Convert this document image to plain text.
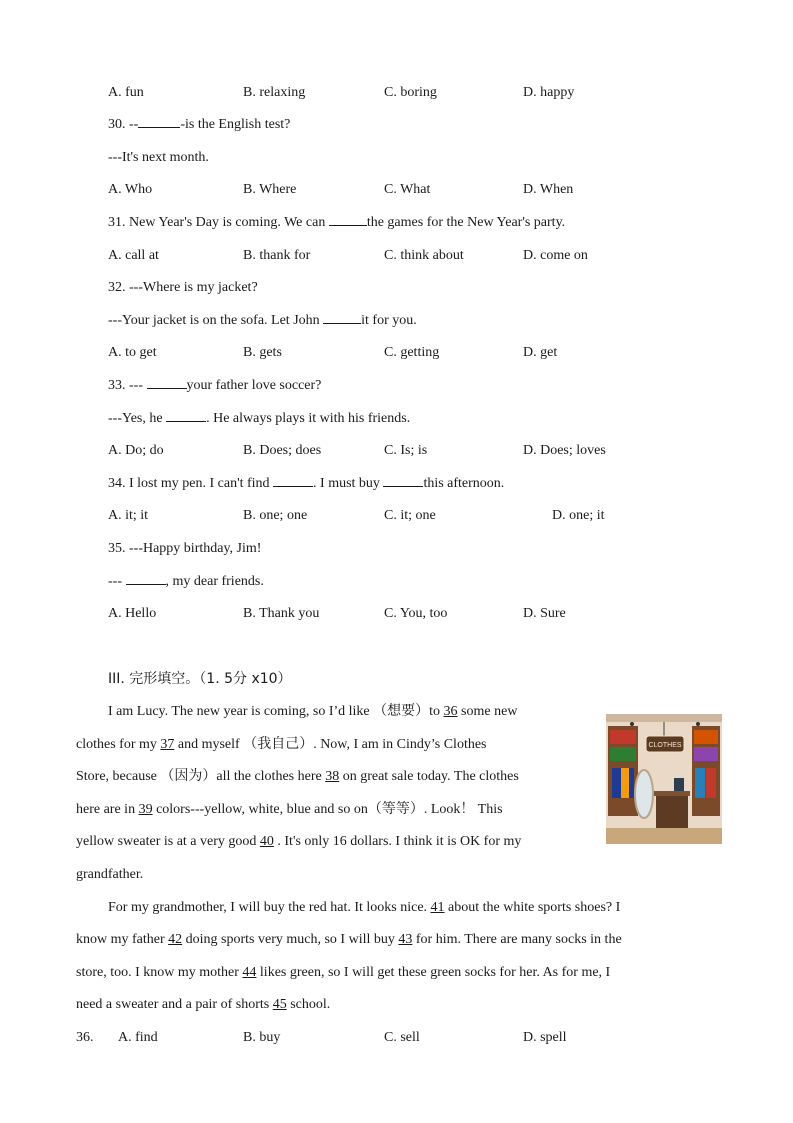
A. fun	B. relaxing	C. boring	D. happy
30. --	-is the English test?
---It's next month.
A. Who	B. Where	C. What	D. When
31. New Year's Day is coming. We can	the games for the New Year's party.
A. call at	B. thank for	C. think about	D. come on
32. ---Where is my jacket?
---Your jacket is on the sofa. Let John	it for you.
A. to get	B. gets	C. getting	D. get
33. ---	your father love soccer?
---Yes, he	. He always plays it with his friends.
A. Do; do	B. Does; does	C. Is; is	D. Does; loves
34. I lost my pen. I can't find	. I must buy	this afternoon.
A. it; it	B. one; one	C. it; one	D. one; it
35. ---Happy birthday, Jim!
---	, my dear friends.
A. Hello	B. Thank you	C. You, too	D. Sure
III. 完形填空。（1. 5分 x10）
I am Lucy. The new year is coming, so I’d like （想要）to 36 some new
clothes for my 37 and myself （我自己）. Now, I am in Cindy’s Clothes
Store, because （因为）all the clothes here 38 on great sale today. The clothes
here are in 39 colors---yellow, white, blue and so on（等等）. Look！ This
yellow sweater is at a very good 40 . It's only 16 dollars. I think it is OK for my
grandfather.
For my grandmother, I will buy the red hat. It looks nice. 41 about the white sports shoes? I
know my father 42 doing sports very much, so I will buy 43 for him. There are many socks in the
store, too. I know my mother 44 likes green, so I will get these green socks for her. As for me, I
need a sweater and a pair of shorts 45 school.
36. A. find	B. buy	C. sell	D. spell
CLOTHES
